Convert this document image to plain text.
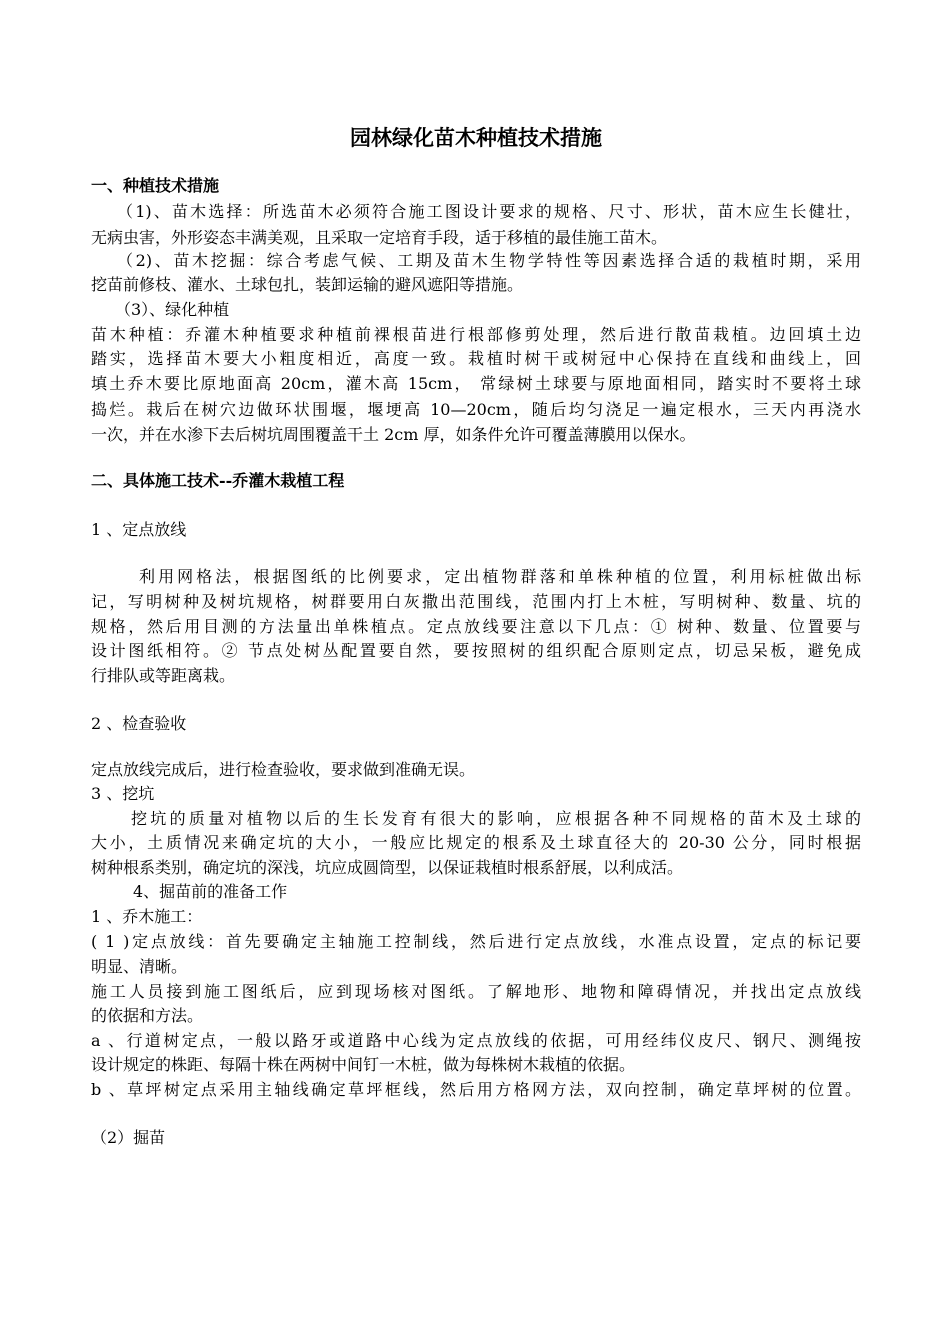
园林绿化苗木种植技术措施
一、种植技术措施
（1)、苗木选择：所选苗木必须符合施工图设计要求的规格、尺寸、形状，苗木应生长健壮，
无病虫害，外形姿态丰满美观，且采取一定培育手段，适于移植的最佳施工苗木。
（2)、苗木挖掘：综合考虑气候、工期及苗木生物学特性等因素选择合适的栽植时期，采用
挖苗前修枝、灌水、土球包扎，装卸运输的避风遮阳等措施。
（3）、绿化种植
苗木种植：乔灌木种植要求种植前裸根苗进行根部修剪处理，然后进行散苗栽植。边回填土边
踏实，选择苗木要大小粗度相近，高度一致。栽植时树干或树冠中心保持在直线和曲线上，回
填土乔木要比原地面高 20cm，灌木高 15cm， 常绿树土球要与原地面相同，踏实时不要将土球
捣烂。栽后在树穴边做环状围堰，堰埂高 10—20cm，随后均匀浇足一遍定根水，三天内再浇水
一次，并在水渗下去后树坑周围覆盖干土 2cm 厚，如条件允许可覆盖薄膜用以保水。
二、具体施工技术--乔灌木栽植工程
1 、定点放线
利用网格法，根据图纸的比例要求，定出植物群落和单株种植的位置，利用标桩做出标
记，写明树种及树坑规格，树群要用白灰撒出范围线，范围内打上木桩，写明树种、数量、坑的
规格，然后用目测的方法量出单株植点。定点放线要注意以下几点：① 树种、数量、位置要与
设计图纸相符。② 节点处树丛配置要自然，要按照树的组织配合原则定点，切忌呆板，避免成
行排队或等距离栽。
2 、检查验收
定点放线完成后，进行检查验收，要求做到准确无误。
3 、挖坑
挖坑的质量对植物以后的生长发育有很大的影响，应根据各种不同规格的苗木及土球的
大小，土质情况来确定坑的大小，一般应比规定的根系及土球直径大的 20-30 公分，同时根据
树种根系类别，确定坑的深浅，坑应成圆筒型，以保证栽植时根系舒展，以利成活。
4、掘苗前的准备工作
1 、乔木施工：
( 1 )定点放线：首先要确定主轴施工控制线，然后进行定点放线，水准点设置，定点的标记要
明显、清晰。
施工人员接到施工图纸后，应到现场核对图纸。了解地形、地物和障碍情况，并找出定点放线
的依据和方法。
a 、行道树定点，一般以路牙或道路中心线为定点放线的依据，可用经纬仪皮尺、钢尺、测绳按
设计规定的株距、每隔十株在两树中间钉一木桩，做为每株树木栽植的依据。
b 、草坪树定点采用主轴线确定草坪框线，然后用方格网方法，双向控制，确定草坪树的位置。
（2）掘苗
